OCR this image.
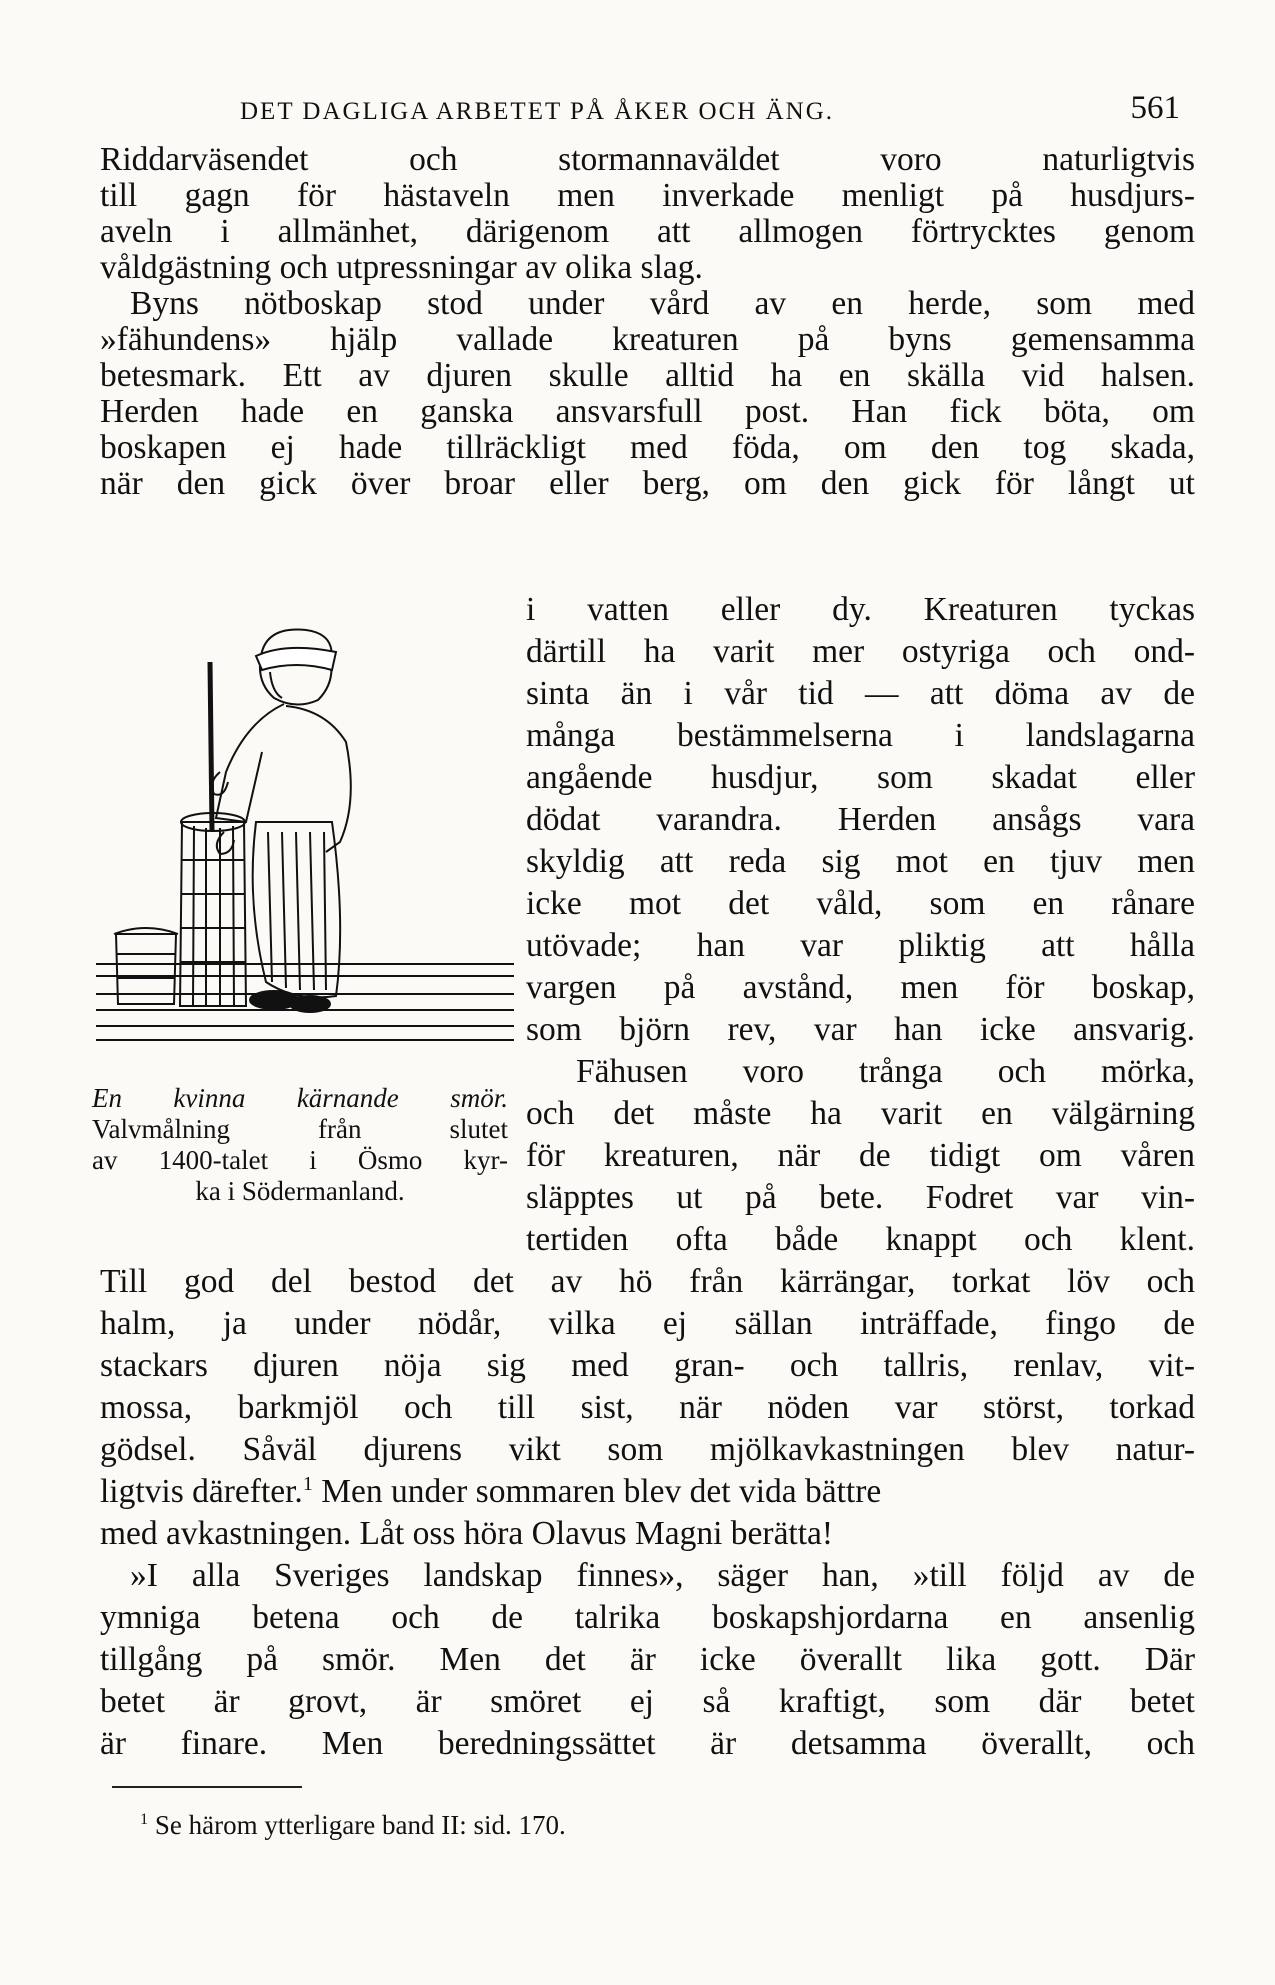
DET DAGLIGA ARBETET PÅ ÅKER OCH ÄNG.	561
Riddarväsendet och stormannaväldet voro naturligtvis
till gagn för hästaveln men inverkade menligt på husdjurs-
aveln i allmänhet, därigenom att allmogen förtrycktes genom
våldgästning och utpressningar av olika slag.
Byns nötboskap stod under vård av en herde, som med
»fähundens» hjälp vallade kreaturen på byns gemensamma
betesmark. Ett av djuren skulle alltid ha en skälla vid halsen.
Herden hade en ganska ansvarsfull post. Han fick böta, om
boskapen ej hade tillräckligt med föda, om den tog skada,
när den gick över broar eller berg, om den gick för långt ut
En kvinna kärnande smör.
Valvmålning från slutet
av 1400-talet i Ösmo kyr-
ka i Södermanland.
i vatten eller dy. Kreaturen tyckas
därtill ha varit mer ostyriga och ond-
sinta än i vår tid — att döma av de
många bestämmelserna i landslagarna
angående husdjur, som skadat eller
dödat varandra. Herden ansågs vara
skyldig att reda sig mot en tjuv men
icke mot det våld, som en rånare
utövade; han var pliktig att hålla
vargen på avstånd, men för boskap,
som björn rev, var han icke ansvarig.
Fähusen voro trånga och mörka,
och det måste ha varit en välgärning
för kreaturen, när de tidigt om våren
släpptes ut på bete. Fodret var vin-
tertiden ofta både knappt och klent.
Till god del bestod det av hö från kärrängar, torkat löv och
halm, ja under nödår, vilka ej sällan inträffade, fingo de
stackars djuren nöja sig med gran- och tallris, renlav, vit-
mossa, barkmjöl och till sist, när nöden var störst, torkad
gödsel. Såväl djurens vikt som mjölkavkastningen blev natur-
ligtvis därefter.$^1$ Men under sommaren blev det vida bättre
med avkastningen. Låt oss höra Olavus Magni berätta!
»I alla Sveriges landskap finnes», säger han, »till följd av de
ymniga betena och de talrika boskapshjordarna en ansenlig
tillgång på smör. Men det är icke överallt lika gott. Där
betet är grovt, är smöret ej så kraftigt, som där betet
är finare. Men beredningssättet är detsamma överallt, och
$^1$ Se härom ytterligare band II: sid. 170.
